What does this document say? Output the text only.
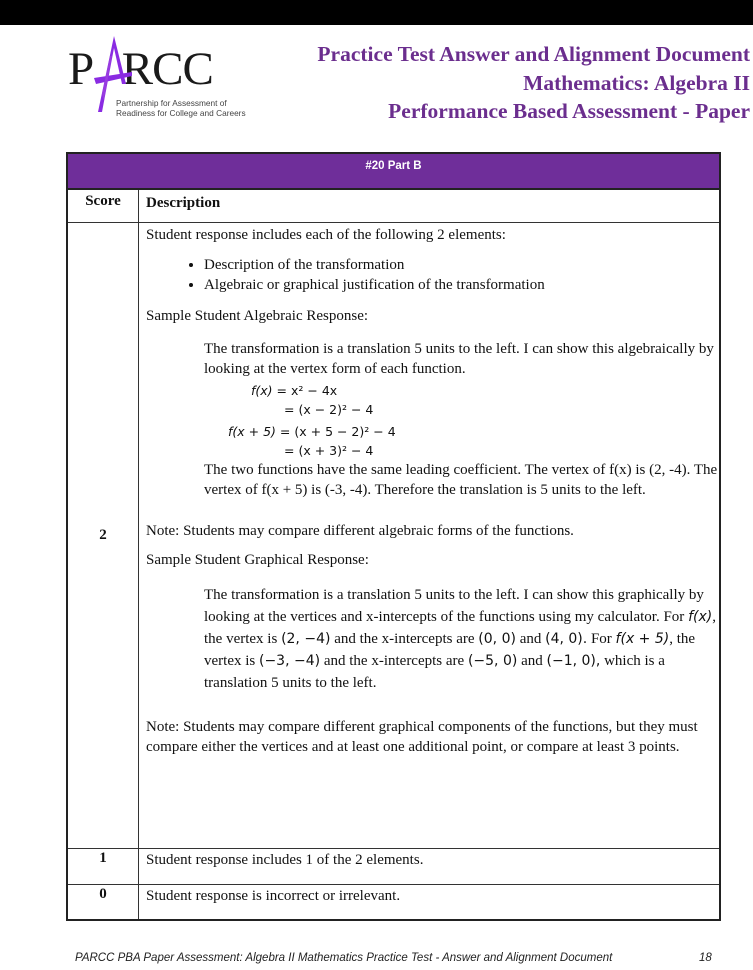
P RCC
Partnership for Assessment of
Readiness for College and Careers
Practice Test Answer and Alignment Document
Mathematics: Algebra II
Performance Based Assessment - Paper
#20 Part B
Score	Description
2

Student response includes each of the following 2 elements:

• Description of the transformation
• Algebraic or graphical justification of the transformation

Sample Student Algebraic Response:

The transformation is a translation 5 units to the left. I can show this algebraically by looking at the vertex form of each function.

f(x) = x² − 4x
= (x − 2)² − 4
f(x + 5) = (x + 5 − 2)² − 4
= (x + 3)² − 4

The two functions have the same leading coefficient. The vertex of f(x) is (2, -4). The vertex of f(x + 5) is (-3, -4). Therefore the translation is 5 units to the left.

Note: Students may compare different algebraic forms of the functions.

Sample Student Graphical Response:

The transformation is a translation 5 units to the left. I can show this graphically by looking at the vertices and x-intercepts of the functions using my calculator. For f(x), the vertex is (2, −4) and the x-intercepts are (0, 0) and (4, 0). For f(x + 5), the vertex is (−3, −4) and the x-intercepts are (−5, 0) and (−1, 0), which is a translation 5 units to the left.

Note: Students may compare different graphical components of the functions, but they must compare either the vertices and at least one additional point, or compare at least 3 points.

1	Student response includes 1 of the 2 elements.
0	Student response is incorrect or irrelevant.
PARCC PBA Paper Assessment: Algebra II Mathematics Practice Test - Answer and Alignment Document	18
